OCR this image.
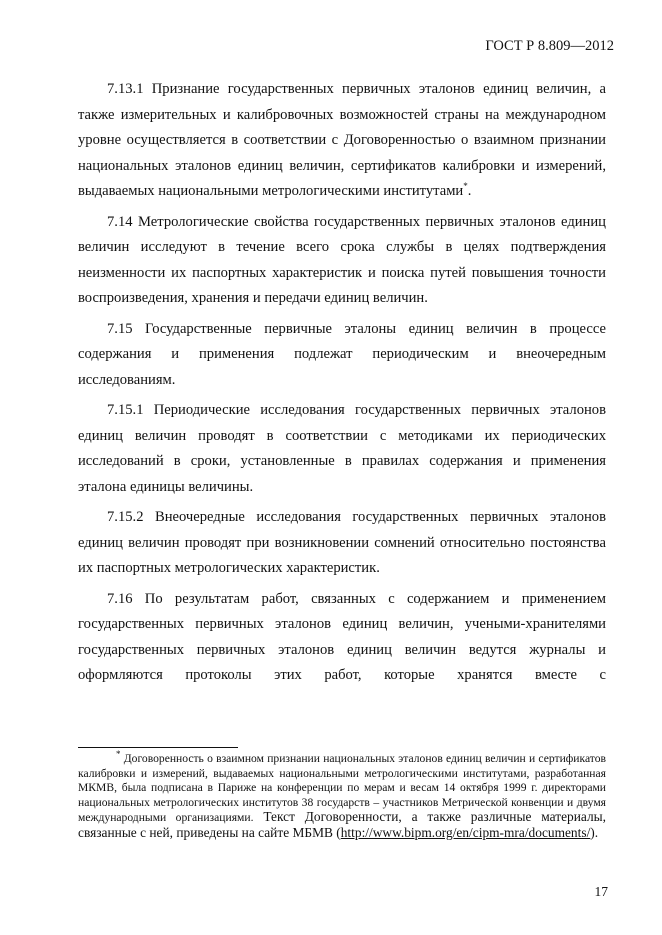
ГОСТ Р 8.809—2012

7.13.1 Признание государственных первичных эталонов единиц величин, а также измерительных и калибровочных возможностей страны на международном уровне осуществляется в соответствии с Договоренностью о взаимном признании национальных эталонов единиц величин, сертификатов калибровки и измерений, выдаваемых национальными метрологическими институтами*.

7.14 Метрологические свойства государственных первичных эталонов единиц величин исследуют в течение всего срока службы в целях подтверждения неизменности их паспортных характеристик и поиска путей повышения точности воспроизведения, хранения и передачи единиц величин.

7.15 Государственные первичные эталоны единиц величин в процессе содержания и применения подлежат периодическим и внеочередным исследованиям.

7.15.1 Периодические исследования государственных первичных эталонов единиц величин проводят в соответствии с методиками их периодических исследований в сроки, установленные в правилах содержания и применения эталона единицы величины.

7.15.2 Внеочередные исследования государственных первичных эталонов единиц величин проводят при возникновении сомнений относительно постоянства их паспортных метрологических характеристик.

7.16 По результатам работ, связанных с содержанием и применением государственных первичных эталонов единиц величин, учеными-хранителями государственных первичных эталонов единиц величин ведутся журналы и оформляются протоколы этих работ, которые хранятся вместе с

* Договоренность о взаимном признании национальных эталонов единиц величин и сертификатов калибровки и измерений, выдаваемых национальными метрологическими институтами, разработанная МКМВ, была подписана в Париже на конференции по мерам и весам 14 октября 1999 г. директорами национальных метрологических институтов 38 государств – участников Метрической конвенции и двумя международными организациями. Текст Договоренности, а также различные материалы, связанные с ней, приведены на сайте МБМВ (http://www.bipm.org/en/cipm-mra/documents/).

17
